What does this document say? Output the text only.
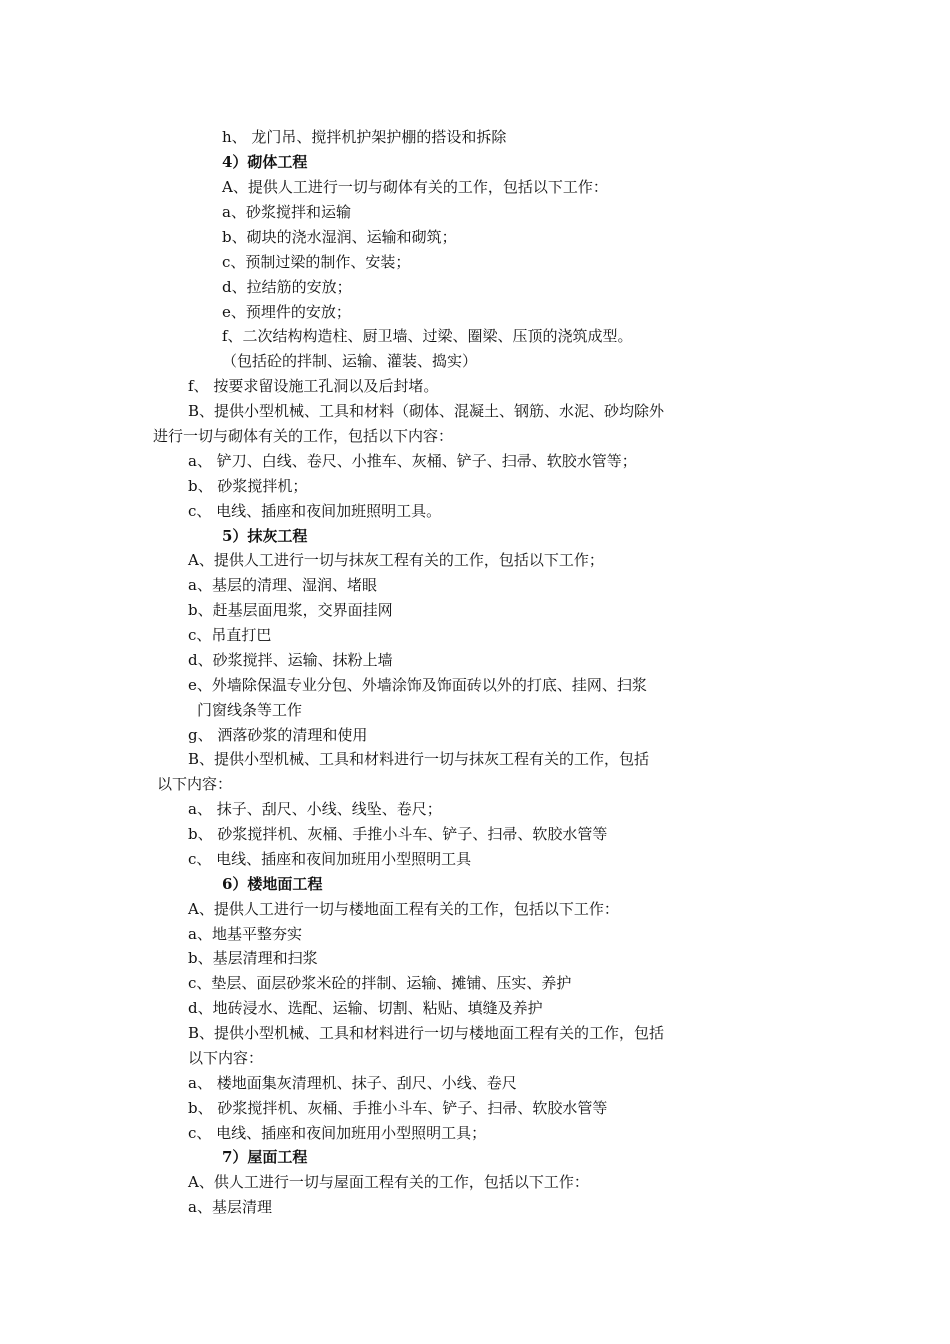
h、 龙门吊、搅拌机护架护棚的搭设和拆除
4）砌体工程
A、提供人工进行一切与砌体有关的工作，包括以下工作：
a、砂浆搅拌和运输
b、砌块的浇水湿润、运输和砌筑；
c、预制过梁的制作、安装；
d、拉结筋的安放；
e、预埋件的安放；
f、二次结构构造柱、厨卫墙、过梁、圈梁、压顶的浇筑成型。
（包括砼的拌制、运输、灌装、捣实）
f、 按要求留设施工孔洞以及后封堵。
B、提供小型机械、工具和材料（砌体、混凝土、钢筋、水泥、砂均除外
进行一切与砌体有关的工作，包括以下内容：
a、 铲刀、白线、卷尺、小推车、灰桶、铲子、扫帚、软胶水管等；
b、 砂浆搅拌机；
c、 电线、插座和夜间加班照明工具。
5）抹灰工程
A、提供人工进行一切与抹灰工程有关的工作，包括以下工作；
a、基层的清理、湿润、堵眼
b、赶基层面甩浆，交界面挂网
c、吊直打巴
d、砂浆搅拌、运输、抹粉上墙
e、外墙除保温专业分包、外墙涂饰及饰面砖以外的打底、挂网、扫浆
门窗线条等工作
g、 洒落砂浆的清理和使用
B、提供小型机械、工具和材料进行一切与抹灰工程有关的工作，包括
以下内容：
a、 抹子、刮尺、小线、线坠、卷尺；
b、 砂浆搅拌机、灰桶、手推小斗车、铲子、扫帚、软胶水管等
c、 电线、插座和夜间加班用小型照明工具
6）楼地面工程
A、提供人工进行一切与楼地面工程有关的工作，包括以下工作：
a、地基平整夯实
b、基层清理和扫浆
c、垫层、面层砂浆米砼的拌制、运输、摊铺、压实、养护
d、地砖浸水、选配、运输、切割、粘贴、填缝及养护
B、提供小型机械、工具和材料进行一切与楼地面工程有关的工作，包括
以下内容：
a、 楼地面集灰清理机、抹子、刮尺、小线、卷尺
b、 砂浆搅拌机、灰桶、手推小斗车、铲子、扫帚、软胶水管等
c、 电线、插座和夜间加班用小型照明工具；
7）屋面工程
A、供人工进行一切与屋面工程有关的工作，包括以下工作：
a、基层清理
